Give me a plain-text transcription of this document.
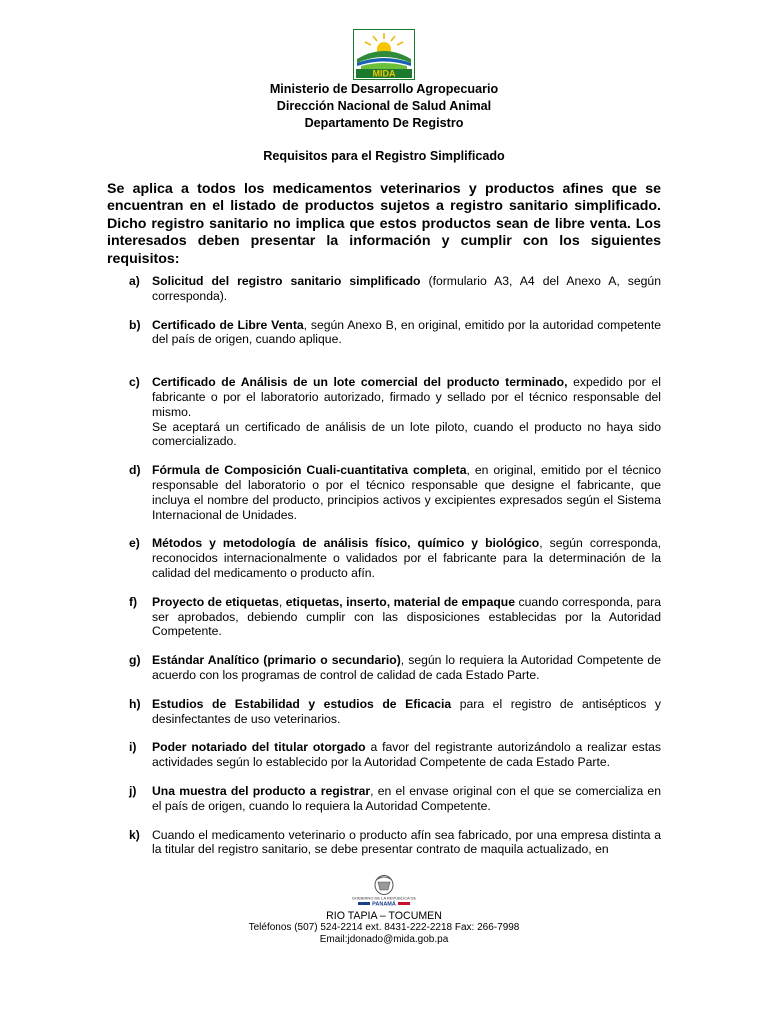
MIDA
Ministerio de Desarrollo Agropecuario
Dirección Nacional de Salud Animal
Departamento De Registro
Requisitos para el Registro Simplificado
Se aplica a todos los medicamentos veterinarios y productos afines que se encuentran en el listado de productos sujetos a registro sanitario simplificado. Dicho registro sanitario no implica que estos productos sean de libre venta. Los interesados deben presentar la información y cumplir con los siguientes requisitos:
a) Solicitud del registro sanitario simplificado (formulario A3, A4 del Anexo A, según corresponda).
b) Certificado de Libre Venta, según Anexo B, en original, emitido por la autoridad competente del país de origen, cuando aplique.
c) Certificado de Análisis de un lote comercial del producto terminado, expedido por el fabricante o por el laboratorio autorizado, firmado y sellado por el técnico responsable del mismo.
Se aceptará un certificado de análisis de un lote piloto, cuando el producto no haya sido comercializado.
d) Fórmula de Composición Cuali-cuantitativa completa, en original, emitido por el técnico responsable del laboratorio o por el técnico responsable que designe el fabricante, que incluya el nombre del producto, principios activos y excipientes expresados según el Sistema Internacional de Unidades.
e) Métodos y metodología de análisis físico, químico y biológico, según corresponda, reconocidos internacionalmente o validados por el fabricante para la determinación de la calidad del medicamento o producto afín.
f) Proyecto de etiquetas, etiquetas, inserto, material de empaque cuando corresponda, para ser aprobados, debiendo cumplir con las disposiciones establecidas por la Autoridad Competente.
g) Estándar Analítico (primario o secundario), según lo requiera la Autoridad Competente de acuerdo con los programas de control de calidad de cada Estado Parte.
h) Estudios de Estabilidad y estudios de Eficacia para el registro de antisépticos y desinfectantes de uso veterinarios.
i) Poder notariado del titular otorgado a favor del registrante autorizándolo a realizar estas actividades según lo establecido por la Autoridad Competente de cada Estado Parte.
j) Una muestra del producto a registrar, en el envase original con el que se comercializa en el país de origen, cuando lo requiera la Autoridad Competente.
k) Cuando el medicamento veterinario o producto afín sea fabricado, por una empresa distinta a la titular del registro sanitario, se debe presentar contrato de maquila actualizado, en
GOBIERNO DE LA REPÚBLICA DE
PANAMÁ
RIO TAPIA – TOCUMEN
Teléfonos (507) 524-2214 ext. 8431-222-2218 Fax: 266-7998
Email:jdonado@mida.gob.pa
